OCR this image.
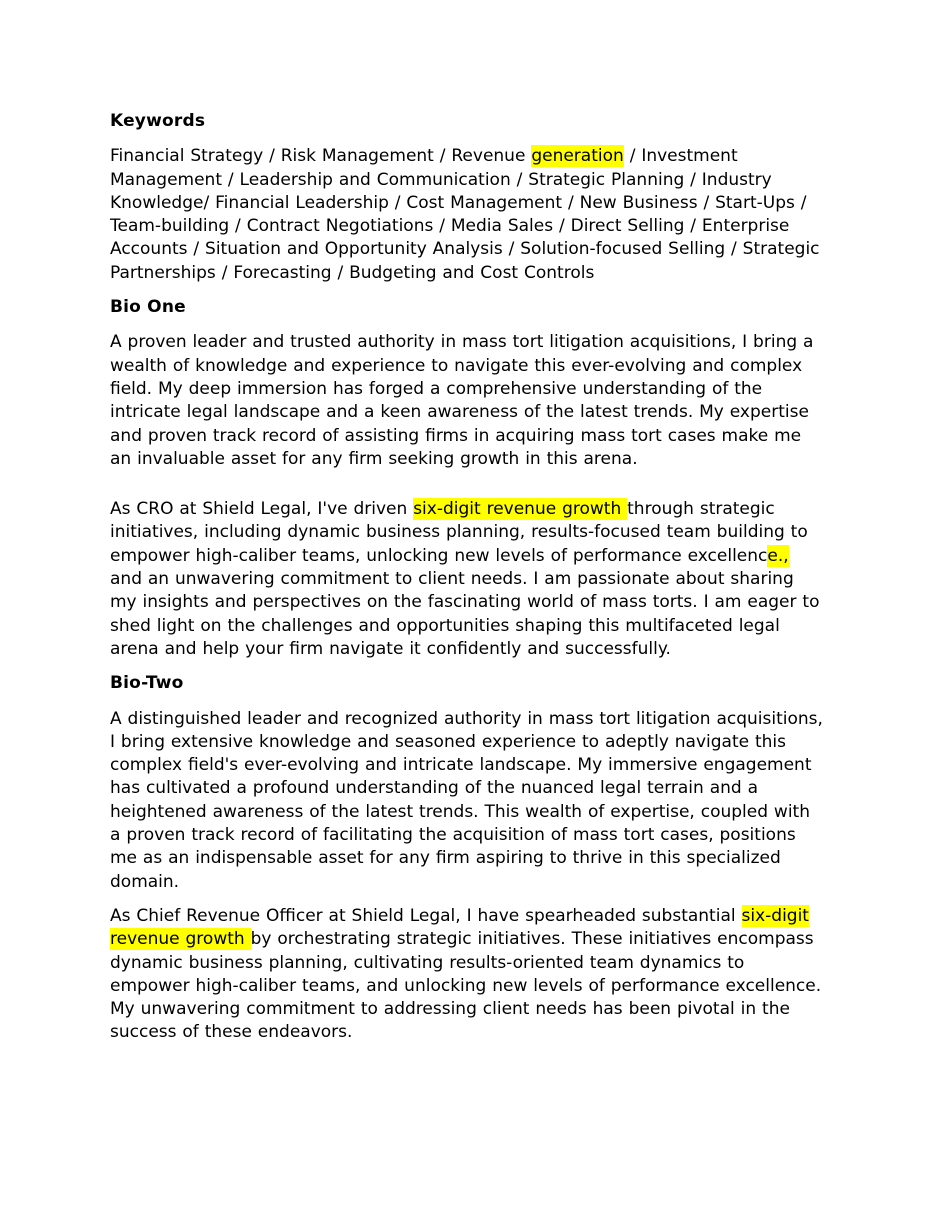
Keywords

Financial Strategy / Risk Management / Revenue generation / Investment Management / Leadership and Communication / Strategic Planning / Industry Knowledge/ Financial Leadership / Cost Management / New Business / Start-Ups / Team-building / Contract Negotiations / Media Sales / Direct Selling / Enterprise Accounts / Situation and Opportunity Analysis / Solution-focused Selling / Strategic Partnerships / Forecasting / Budgeting and Cost Controls

Bio One

A proven leader and trusted authority in mass tort litigation acquisitions, I bring a wealth of knowledge and experience to navigate this ever-evolving and complex field. My deep immersion has forged a comprehensive understanding of the intricate legal landscape and a keen awareness of the latest trends. My expertise and proven track record of assisting firms in acquiring mass tort cases make me an invaluable asset for any firm seeking growth in this arena.

As CRO at Shield Legal, I've driven six-digit revenue growth through strategic initiatives, including dynamic business planning, results-focused team building to empower high-caliber teams, unlocking new levels of performance excellence., and an unwavering commitment to client needs. I am passionate about sharing my insights and perspectives on the fascinating world of mass torts. I am eager to shed light on the challenges and opportunities shaping this multifaceted legal arena and help your firm navigate it confidently and successfully.

Bio-Two

A distinguished leader and recognized authority in mass tort litigation acquisitions, I bring extensive knowledge and seasoned experience to adeptly navigate this complex field's ever-evolving and intricate landscape. My immersive engagement has cultivated a profound understanding of the nuanced legal terrain and a heightened awareness of the latest trends. This wealth of expertise, coupled with a proven track record of facilitating the acquisition of mass tort cases, positions me as an indispensable asset for any firm aspiring to thrive in this specialized domain.

As Chief Revenue Officer at Shield Legal, I have spearheaded substantial six-digit revenue growth by orchestrating strategic initiatives. These initiatives encompass dynamic business planning, cultivating results-oriented team dynamics to empower high-caliber teams, and unlocking new levels of performance excellence. My unwavering commitment to addressing client needs has been pivotal in the success of these endeavors.
